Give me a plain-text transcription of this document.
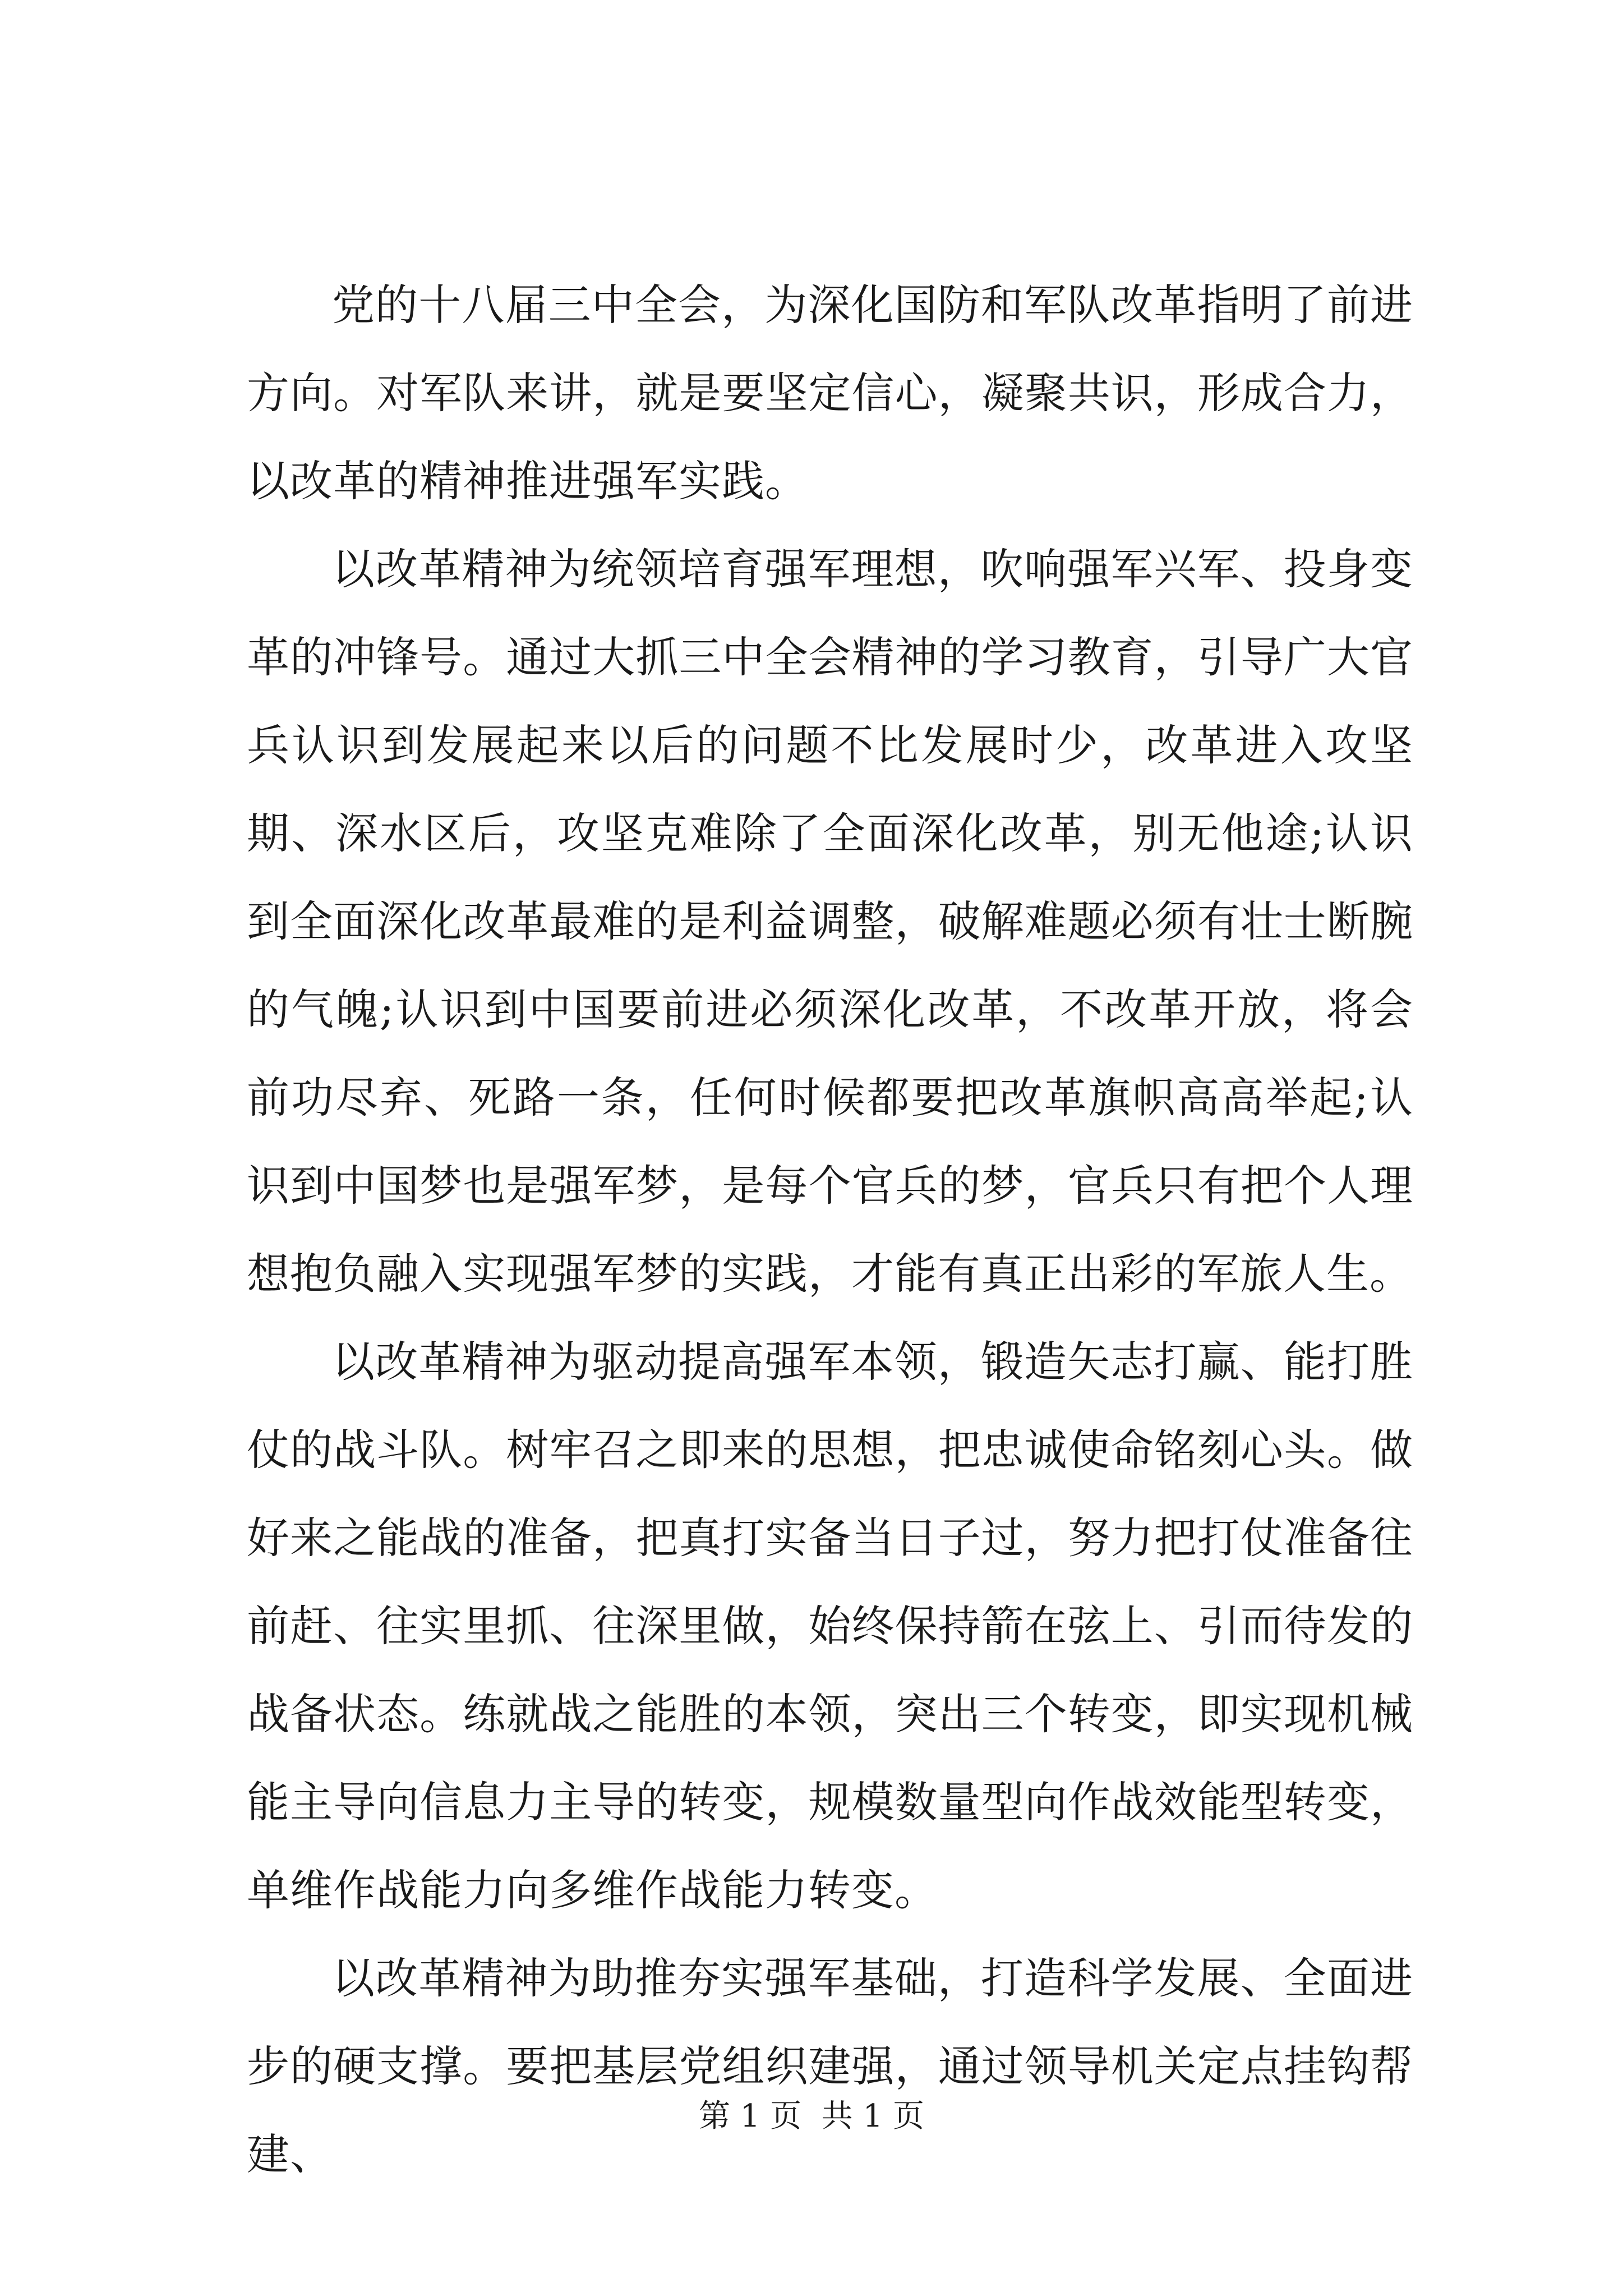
党的十八届三中全会，为深化国防和军队改革指明了前进方向。对军队来讲，就是要坚定信心，凝聚共识，形成合力，以改革的精神推进强军实践。

以改革精神为统领培育强军理想，吹响强军兴军、投身变革的冲锋号。通过大抓三中全会精神的学习教育，引导广大官兵认识到发展起来以后的问题不比发展时少，改革进入攻坚期、深水区后，攻坚克难除了全面深化改革，别无他途;认识到全面深化改革最难的是利益调整，破解难题必须有壮士断腕的气魄;认识到中国要前进必须深化改革，不改革开放，将会前功尽弃、死路一条，任何时候都要把改革旗帜高高举起;认识到中国梦也是强军梦，是每个官兵的梦，官兵只有把个人理想抱负融入实现强军梦的实践，才能有真正出彩的军旅人生。

以改革精神为驱动提高强军本领，锻造矢志打赢、能打胜仗的战斗队。树牢召之即来的思想，把忠诚使命铭刻心头。做好来之能战的准备，把真打实备当日子过，努力把打仗准备往前赶、往实里抓、往深里做，始终保持箭在弦上、引而待发的战备状态。练就战之能胜的本领，突出三个转变，即实现机械能主导向信息力主导的转变，规模数量型向作战效能型转变，单维作战能力向多维作战能力转变。

以改革精神为助推夯实强军基础，打造科学发展、全面进步的硬支撑。要把基层党组织建强，通过领导机关定点挂钩帮建、

第 1 页  共 1 页
